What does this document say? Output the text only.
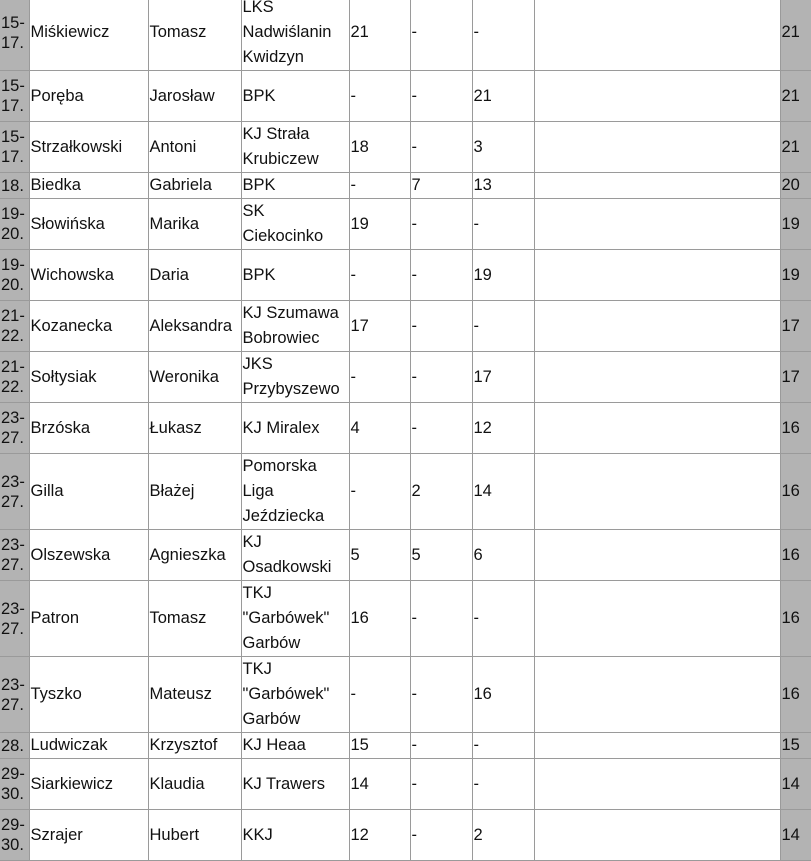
15-
17.	Miśkiewicz	Tomasz	LKS
Nadwiślanin
Kwidzyn	21	-	-		21
15-
17.	Poręba	Jarosław	BPK	-	-	21		21
15-
17.	Strzałkowski	Antoni	KJ Strała
Krubiczew	18	-	3		21
18.	Biedka	Gabriela	BPK	-	7	13		20
19-
20.	Słowińska	Marika	SK
Ciekocinko	19	-	-		19
19-
20.	Wichowska	Daria	BPK	-	-	19		19
21-
22.	Kozanecka	Aleksandra	KJ Szumawa
Bobrowiec	17	-	-		17
21-
22.	Sołtysiak	Weronika	JKS
Przybyszewo	-	-	17		17
23-
27.	Brzóska	Łukasz	KJ Miralex	4	-	12		16
23-
27.	Gilla	Błażej	Pomorska
Liga
Jeździecka	-	2	14		16
23-
27.	Olszewska	Agnieszka	KJ
Osadkowski	5	5	6		16
23-
27.	Patron	Tomasz	TKJ
"Garbówek"
Garbów	16	-	-		16
23-
27.	Tyszko	Mateusz	TKJ
"Garbówek"
Garbów	-	-	16		16
28.	Ludwiczak	Krzysztof	KJ Heaa	15	-	-		15
29-
30.	Siarkiewicz	Klaudia	KJ Trawers	14	-	-		14
29-
30.	Szrajer	Hubert	KKJ	12	-	2		14
